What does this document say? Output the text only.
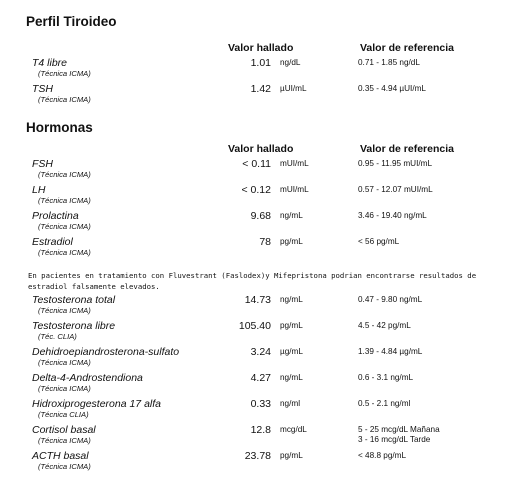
Perfil Tiroideo
Valor hallado	Valor de referencia
T4 libre
(Técnica ICMA)
1.01 ng/dL	0.71 - 1.85 ng/dL
TSH
(Técnica ICMA)
1.42 µUI/mL	0.35 - 4.94 µUI/mL
Hormonas
Valor hallado	Valor de referencia
FSH
(Técnica ICMA)
< 0.11 mUI/mL	0.95 - 11.95 mUI/mL
LH
(Técnica ICMA)
< 0.12 mUI/mL	0.57 - 12.07 mUI/mL
Prolactina
(Técnica ICMA)
9.68 ng/mL	3.46 - 19.40 ng/mL
Estradiol
(Técnica ICMA)
78 pg/mL	< 56 pg/mL
En pacientes en tratamiento con Fluvestrant (Faslodex)y Mifepristona podrian encontrarse resultados de estradiol falsamente elevados.
Testosterona total
(Técnica ICMA)
14.73 ng/mL	0.47 - 9.80 ng/mL
Testosterona libre
(Téc. CLIA)
105.40 pg/mL	4.5 - 42 pg/mL
Dehidroepiandrosterona-sulfato
(Técnica ICMA)
3.24 µg/mL	1.39 - 4.84 µg/mL
Delta-4-Androstendiona
(Técnica ICMA)
4.27 ng/mL	0.6 - 3.1 ng/mL
Hidroxiprogesterona 17 alfa
(Técnica CLIA)
0.33 ng/ml	0.5 - 2.1 ng/ml
Cortisol basal
(Técnica ICMA)
12.8 mcg/dL	5 - 25 mcg/dL Mañana
3 - 16 mcg/dL Tarde
ACTH basal
(Técnica ICMA)
23.78 pg/mL	< 48.8 pg/mL
